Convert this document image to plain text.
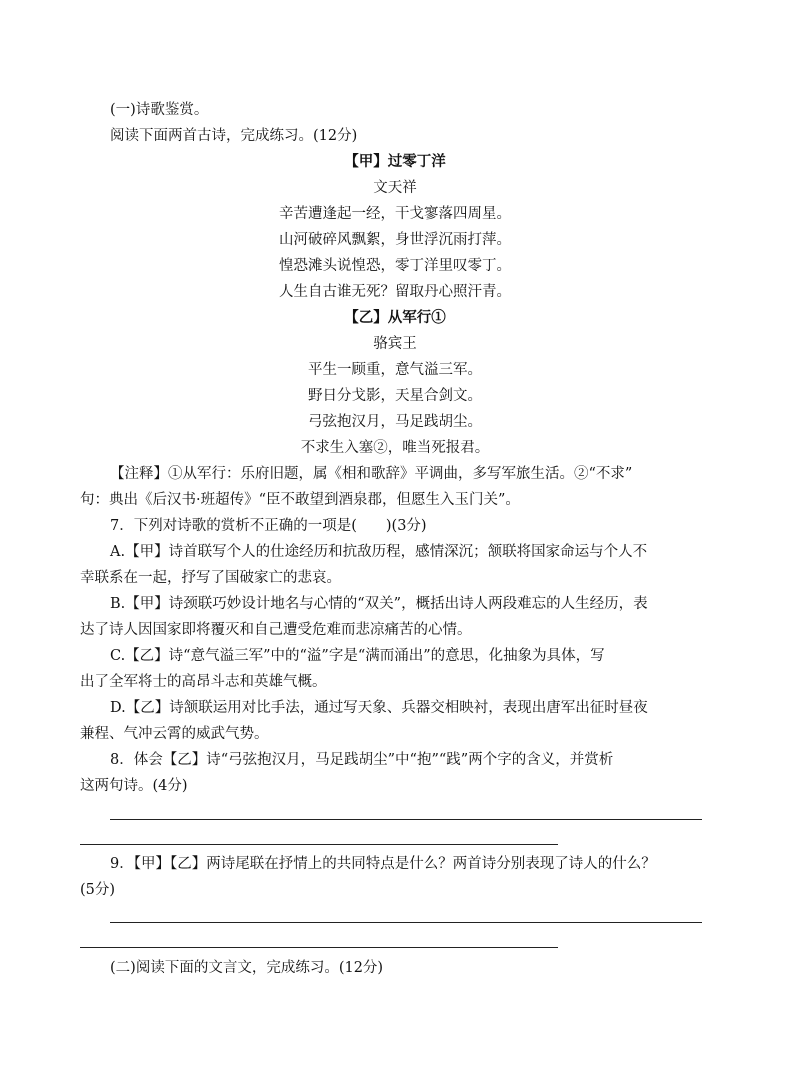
(一)诗歌鉴赏。
阅读下面两首古诗，完成练习。(12分)
【甲】过零丁洋
文天祥
辛苦遭逢起一经，干戈寥落四周星。
山河破碎风飘絮，身世浮沉雨打萍。
惶恐滩头说惶恐，零丁洋里叹零丁。
人生自古谁无死？留取丹心照汗青。
【乙】从军行①
骆宾王
平生一顾重，意气溢三军。
野日分戈影，天星合剑文。
弓弦抱汉月，马足践胡尘。
不求生入塞②，唯当死报君。
【注释】①从军行：乐府旧题，属《相和歌辞》平调曲，多写军旅生活。②“不求”
句：典出《后汉书·班超传》“臣不敢望到酒泉郡，但愿生入玉门关”。
7．下列对诗歌的赏析不正确的一项是(　　)(3分)
A.【甲】诗首联写个人的仕途经历和抗敌历程，感情深沉；颔联将国家命运与个人不
幸联系在一起，抒写了国破家亡的悲哀。
B.【甲】诗颈联巧妙设计地名与心情的“双关”，概括出诗人两段难忘的人生经历，表
达了诗人因国家即将覆灭和自己遭受危难而悲凉痛苦的心情。
C.【乙】诗“意气溢三军”中的“溢”字是“满而涌出”的意思，化抽象为具体，写
出了全军将士的高昂斗志和英雄气概。
D.【乙】诗颔联运用对比手法，通过写天象、兵器交相映衬，表现出唐军出征时昼夜
兼程、气冲云霄的威武气势。
8．体会【乙】诗“弓弦抱汉月，马足践胡尘”中“抱”“践”两个字的含义，并赏析
这两句诗。(4分)
9．【甲】【乙】两诗尾联在抒情上的共同特点是什么？两首诗分别表现了诗人的什么？
(5分)
(二)阅读下面的文言文，完成练习。(12分)
